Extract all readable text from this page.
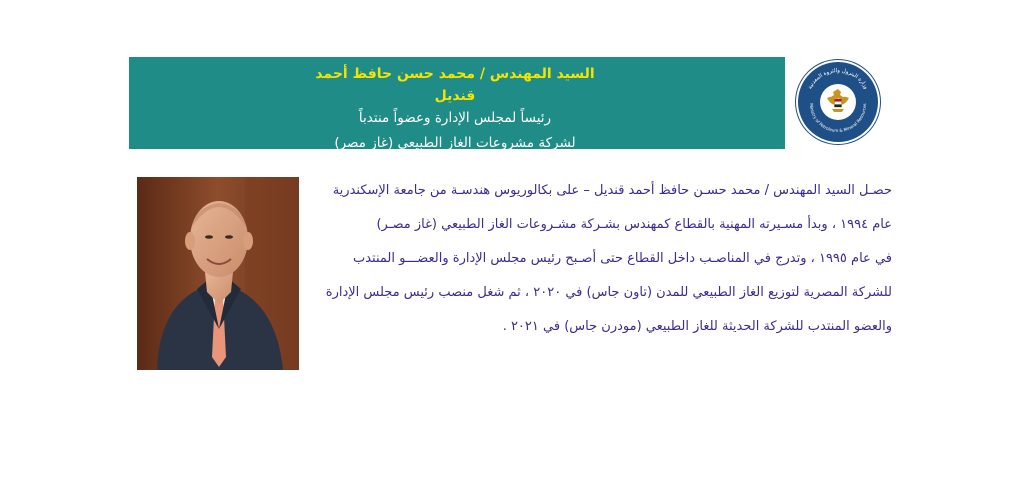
السيد المهندس / محمد حسن حافظ أحمد قنديل
رئيساً لمجلس الإدارة وعضواً منتدباً
لشركة مشروعات الغاز الطبيعي (غاز مصر)
وزارة البترول والثروة المعدنية
Ministry of Petroleum & Mineral Resources
حصـل السيد المهندس / محمد حسـن حافظ أحمد قنديل – على بكالوريوس هندسـة من جامعة الإسكندرية
عام ١٩٩٤ ، وبدأ مسـيرته المهنية بالقطاع كمهندس بشـركة مشـروعات الغاز الطبيعي (غاز مصـر)
في عام ١٩٩٥ ، وتدرج في المناصـب داخل القطاع حتى أصـبح رئيس مجلس الإدارة والعضـــو المنتدب
للشركة المصرية لتوزيع الغاز الطبيعي للمدن (تاون جاس) في ٢٠٢٠ ، ثم شغل منصب رئيس مجلس الإدارة
والعضو المنتدب للشركة الحديثة للغاز الطبيعي (مودرن جاس) في ٢٠٢١ .
